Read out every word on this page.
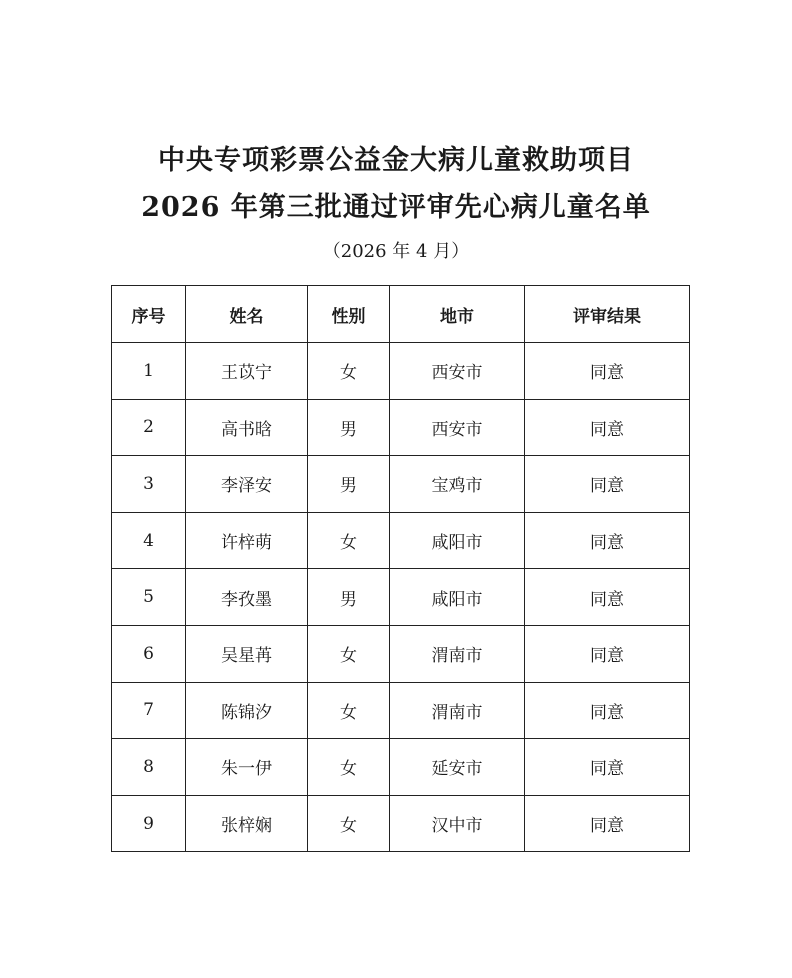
中央专项彩票公益金大病儿童救助项目
2026 年第三批通过评审先心病儿童名单
（2026 年 4 月）
序号	姓名	性别	地市	评审结果
1	王苡宁	女	西安市	同意
2	高书晗	男	西安市	同意
3	李泽安	男	宝鸡市	同意
4	许梓萌	女	咸阳市	同意
5	李孜墨	男	咸阳市	同意
6	吴星苒	女	渭南市	同意
7	陈锦汐	女	渭南市	同意
8	朱一伊	女	延安市	同意
9	张梓娴	女	汉中市	同意
